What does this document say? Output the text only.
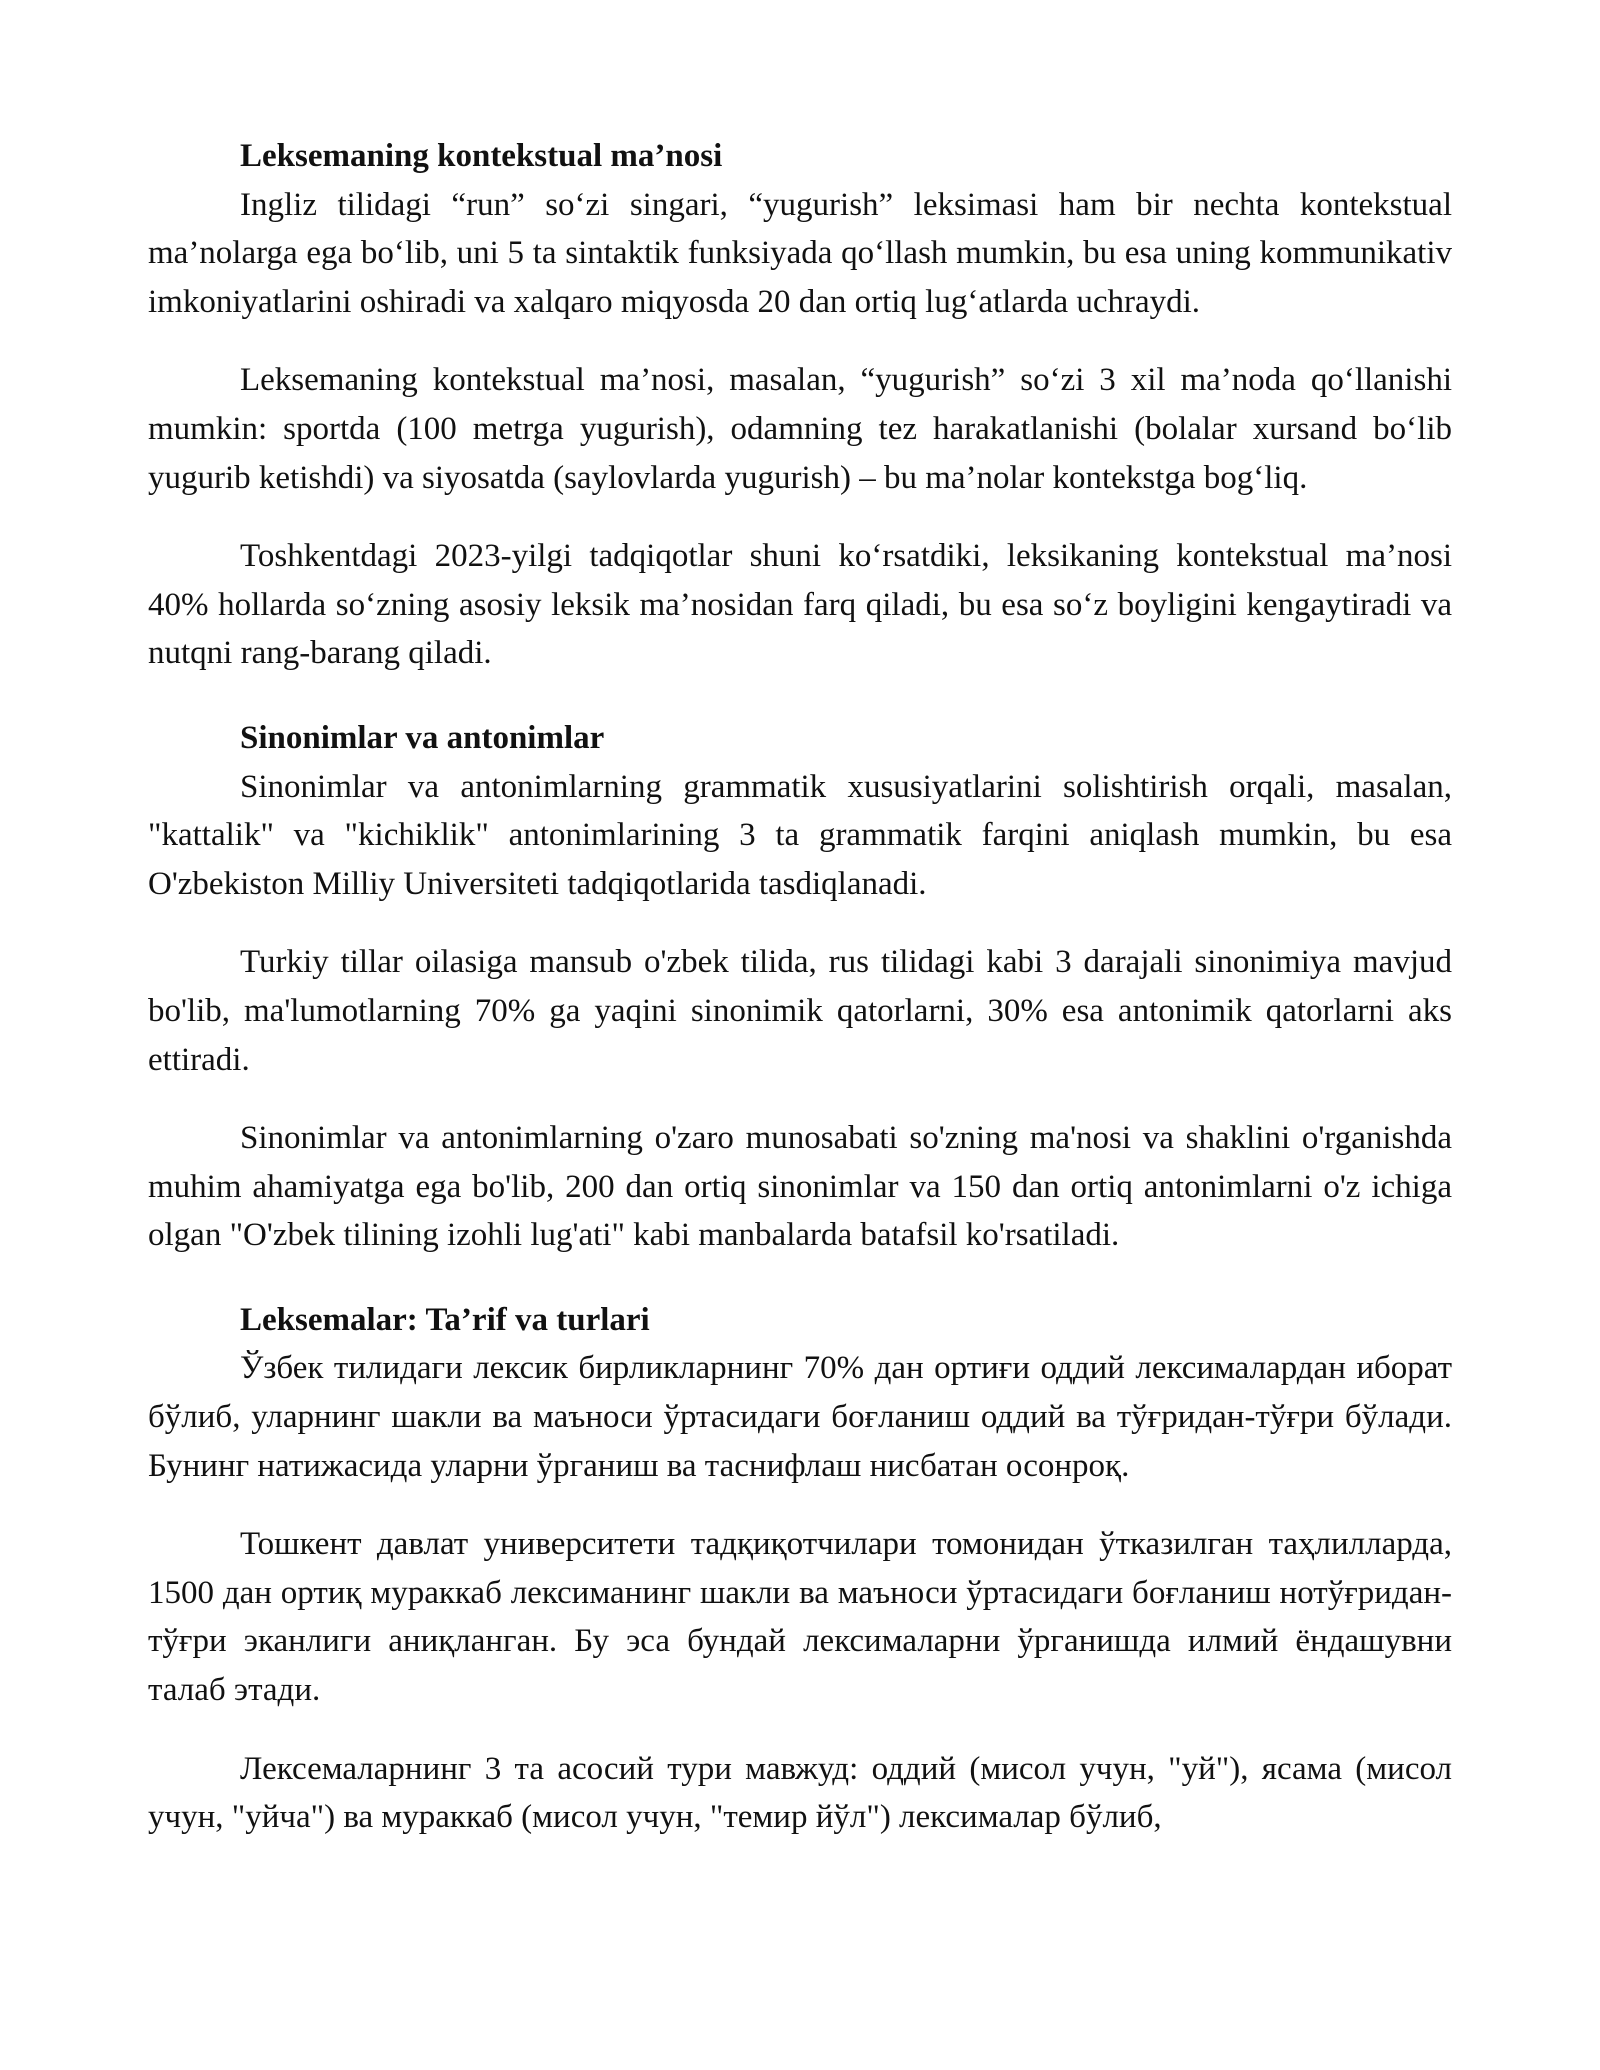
Leksemaning kontekstual ma’nosi

Ingliz tilidagi “run” so‘zi singari, “yugurish” leksimasi ham bir nechta kontekstual ma’nolarga ega bo‘lib, uni 5 ta sintaktik funksiyada qo‘llash mumkin, bu esa uning kommunikativ imkoniyatlarini oshiradi va xalqaro miqyosda 20 dan ortiq lug‘atlarda uchraydi.

Leksemaning kontekstual ma’nosi, masalan, “yugurish” so‘zi 3 xil ma’noda qo‘llanishi mumkin: sportda (100 metrga yugurish), odamning tez harakatlanishi (bolalar xursand bo‘lib yugurib ketishdi) va siyosatda (saylovlarda yugurish) – bu ma’nolar kontekstga bog‘liq.

Toshkentdagi 2023-yilgi tadqiqotlar shuni ko‘rsatdiki, leksikaning kontekstual ma’nosi 40% hollarda so‘zning asosiy leksik ma’nosidan farq qiladi, bu esa so‘z boyligini kengaytiradi va nutqni rang-barang qiladi.

Sinonimlar va antonimlar

Sinonimlar va antonimlarning grammatik xususiyatlarini solishtirish orqali, masalan, "kattalik" va "kichiklik" antonimlarining 3 ta grammatik farqini aniqlash mumkin, bu esa O'zbekiston Milliy Universiteti tadqiqotlarida tasdiqlanadi.

Turkiy tillar oilasiga mansub o'zbek tilida, rus tilidagi kabi 3 darajali sinonimiya mavjud bo'lib, ma'lumotlarning 70% ga yaqini sinonimik qatorlarni, 30% esa antonimik qatorlarni aks ettiradi.

Sinonimlar va antonimlarning o'zaro munosabati so'zning ma'nosi va shaklini o'rganishda muhim ahamiyatga ega bo'lib, 200 dan ortiq sinonimlar va 150 dan ortiq antonimlarni o'z ichiga olgan "O'zbek tilining izohli lug'ati" kabi manbalarda batafsil ko'rsatiladi.

Leksemalar: Ta’rif va turlari

Ўзбек тилидаги лексик бирликларнинг 70% дан ортиғи оддий лексималардан иборат бўлиб, уларнинг шакли ва маъноси ўртасидаги боғланиш оддий ва тўғридан-тўғри бўлади. Бунинг натижасида уларни ўрганиш ва таснифлаш нисбатан осонроқ.

Тошкент давлат университети тадқиқотчилари томонидан ўтказилган таҳлилларда, 1500 дан ортиқ мураккаб лексиманинг шакли ва маъноси ўртасидаги боғланиш нотўғридан-тўғри эканлиги аниқланган. Бу эса бундай лексималарни ўрганишда илмий ёндашувни талаб этади.

Лексемаларнинг 3 та асосий тури мавжуд: оддий (мисол учун, "уй"), ясама (мисол учун, "уйча") ва мураккаб (мисол учун, "темир йўл") лексималар бўлиб,
